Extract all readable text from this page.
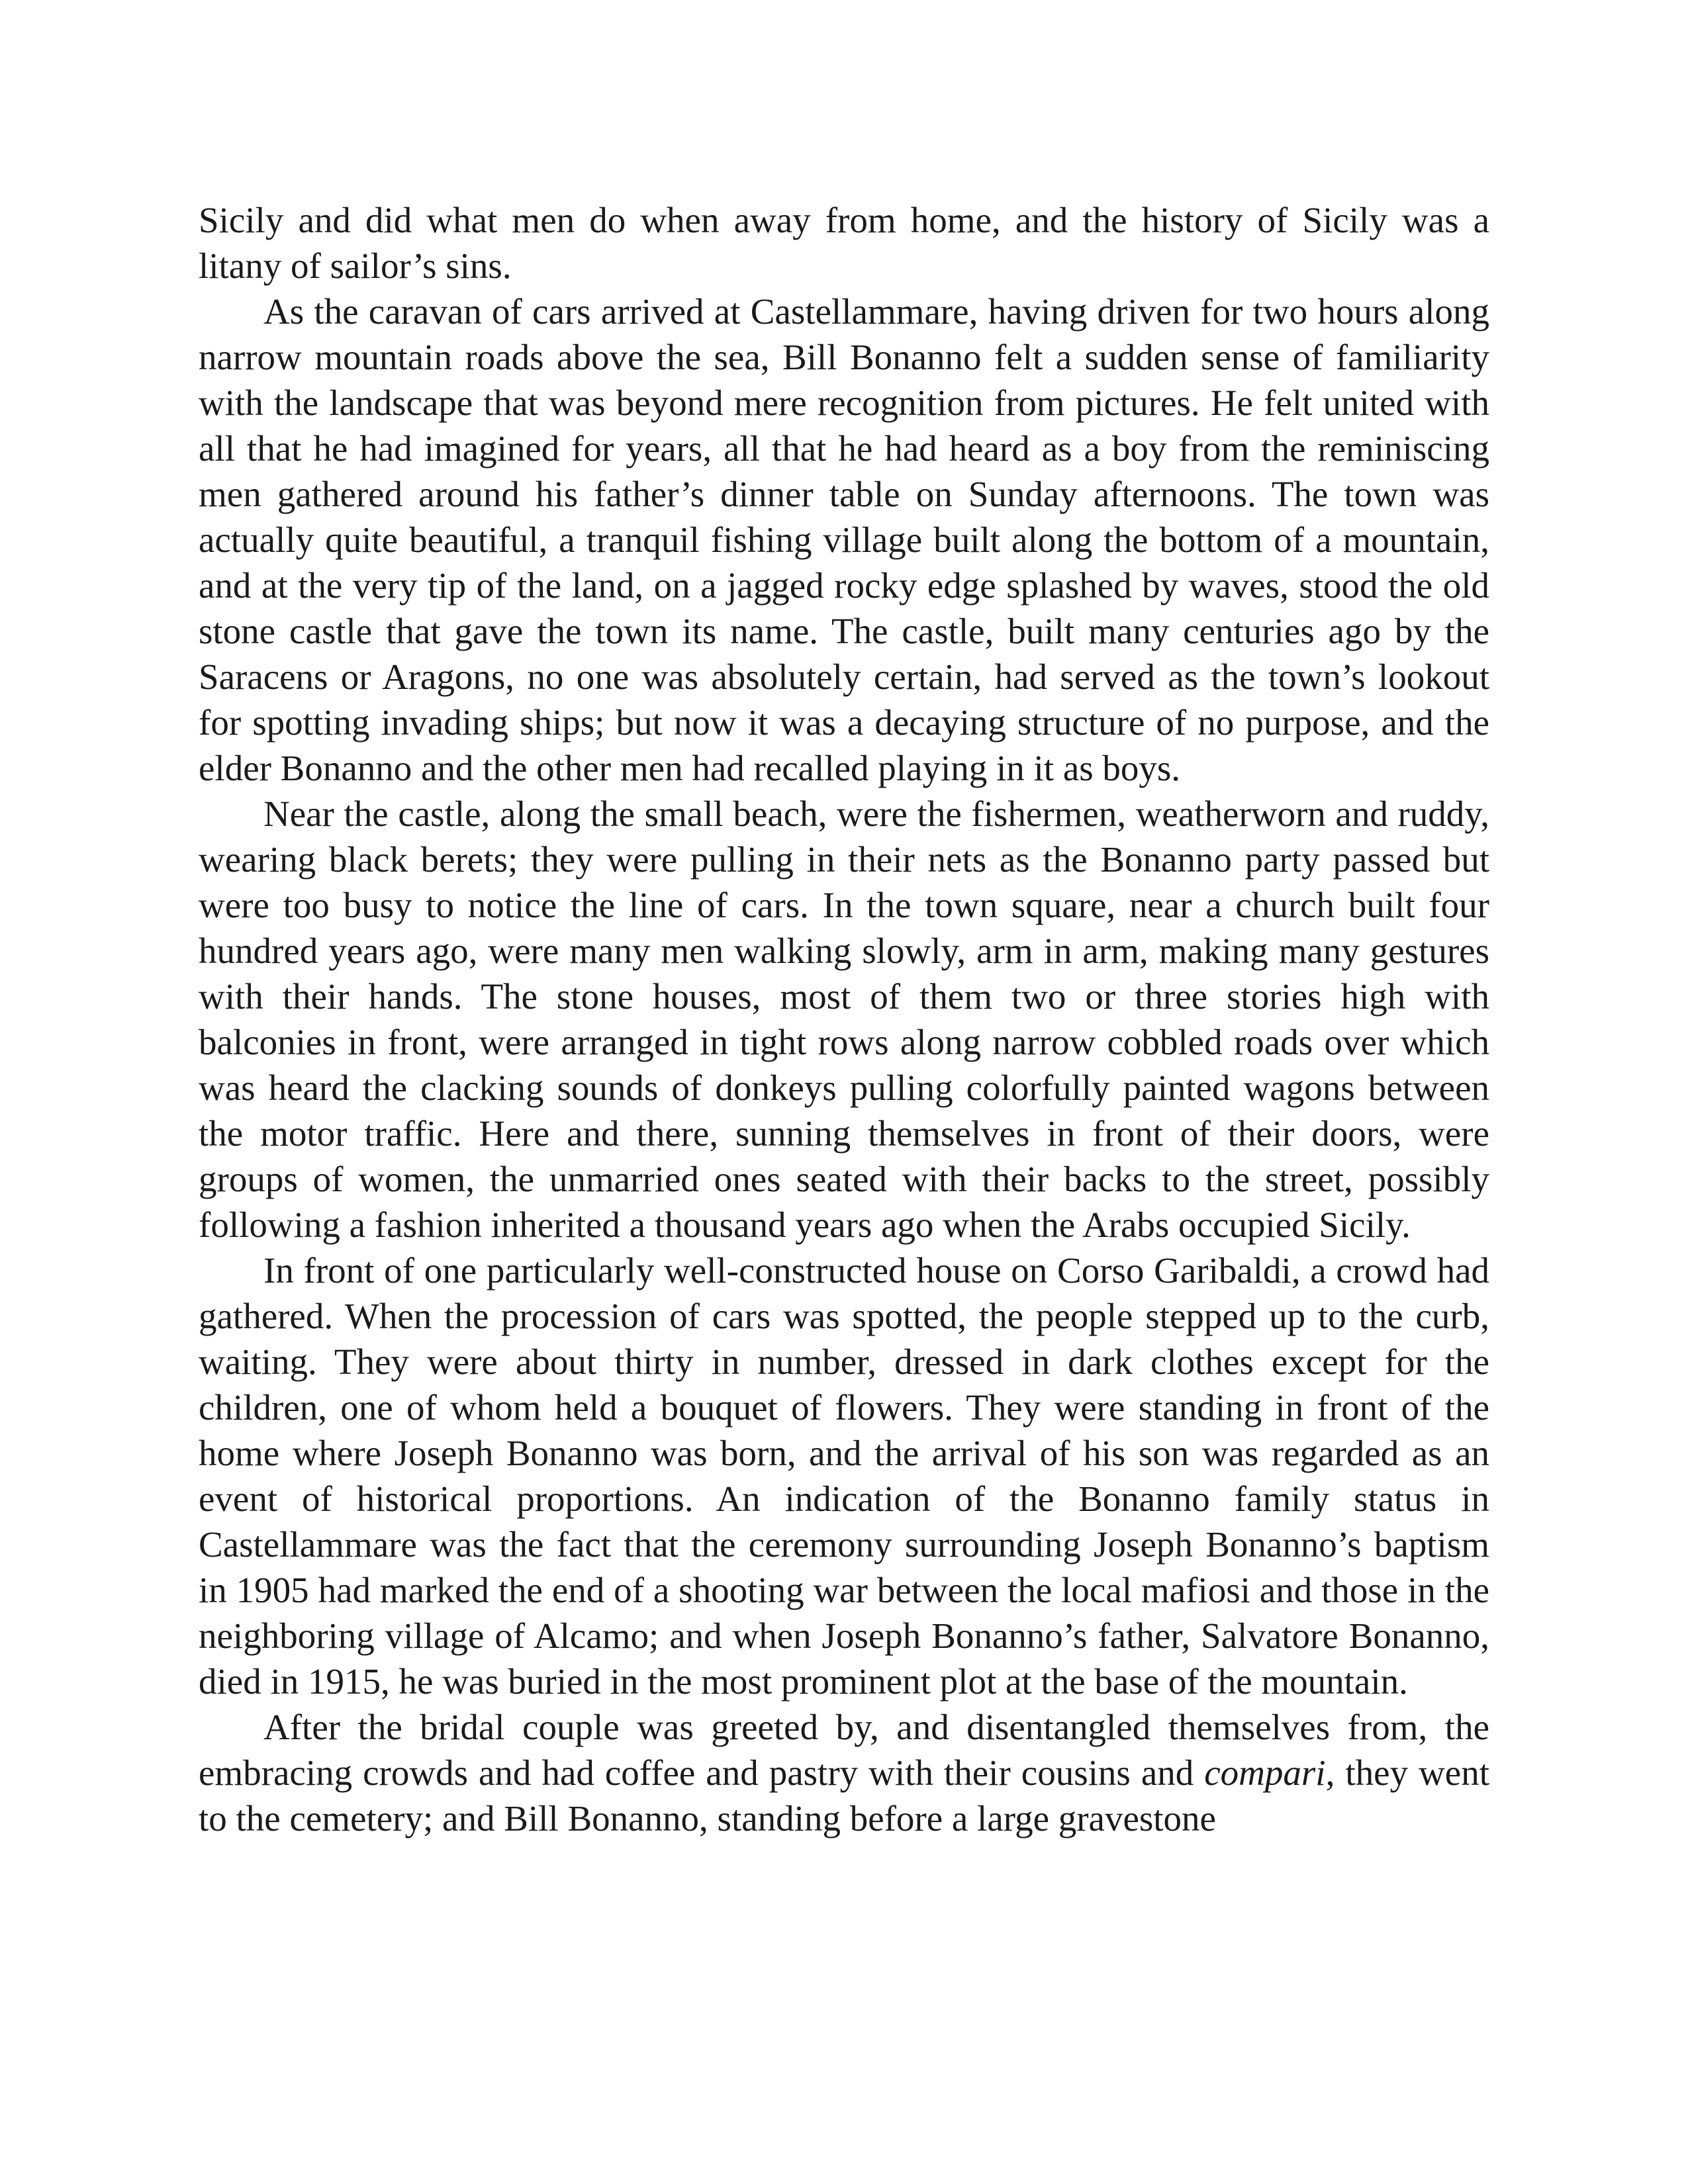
Sicily and did what men do when away from home, and the history of Sicily was a litany of sailor’s sins.

As the caravan of cars arrived at Castellammare, having driven for two hours along narrow mountain roads above the sea, Bill Bonanno felt a sudden sense of familiarity with the landscape that was beyond mere recognition from pictures. He felt united with all that he had imagined for years, all that he had heard as a boy from the reminiscing men gathered around his father’s dinner table on Sunday afternoons. The town was actually quite beautiful, a tranquil fishing village built along the bottom of a mountain, and at the very tip of the land, on a jagged rocky edge splashed by waves, stood the old stone castle that gave the town its name. The castle, built many centuries ago by the Saracens or Aragons, no one was absolutely certain, had served as the town’s lookout for spotting invading ships; but now it was a decaying structure of no purpose, and the elder Bonanno and the other men had recalled playing in it as boys.

Near the castle, along the small beach, were the fishermen, weatherworn and ruddy, wearing black berets; they were pulling in their nets as the Bonanno party passed but were too busy to notice the line of cars. In the town square, near a church built four hundred years ago, were many men walking slowly, arm in arm, making many gestures with their hands. The stone houses, most of them two or three stories high with balconies in front, were arranged in tight rows along narrow cobbled roads over which was heard the clacking sounds of donkeys pulling colorfully painted wagons between the motor traffic. Here and there, sunning themselves in front of their doors, were groups of women, the unmarried ones seated with their backs to the street, possibly following a fashion inherited a thousand years ago when the Arabs occupied Sicily.

In front of one particularly well-constructed house on Corso Garibaldi, a crowd had gathered. When the procession of cars was spotted, the people stepped up to the curb, waiting. They were about thirty in number, dressed in dark clothes except for the children, one of whom held a bouquet of flowers. They were standing in front of the home where Joseph Bonanno was born, and the arrival of his son was regarded as an event of historical proportions. An indication of the Bonanno family status in Castellammare was the fact that the ceremony surrounding Joseph Bonanno’s baptism in 1905 had marked the end of a shooting war between the local mafiosi and those in the neighboring village of Alcamo; and when Joseph Bonanno’s father, Salvatore Bonanno, died in 1915, he was buried in the most prominent plot at the base of the mountain.

After the bridal couple was greeted by, and disentangled themselves from, the embracing crowds and had coffee and pastry with their cousins and compari, they went to the cemetery; and Bill Bonanno, standing before a large gravestone
